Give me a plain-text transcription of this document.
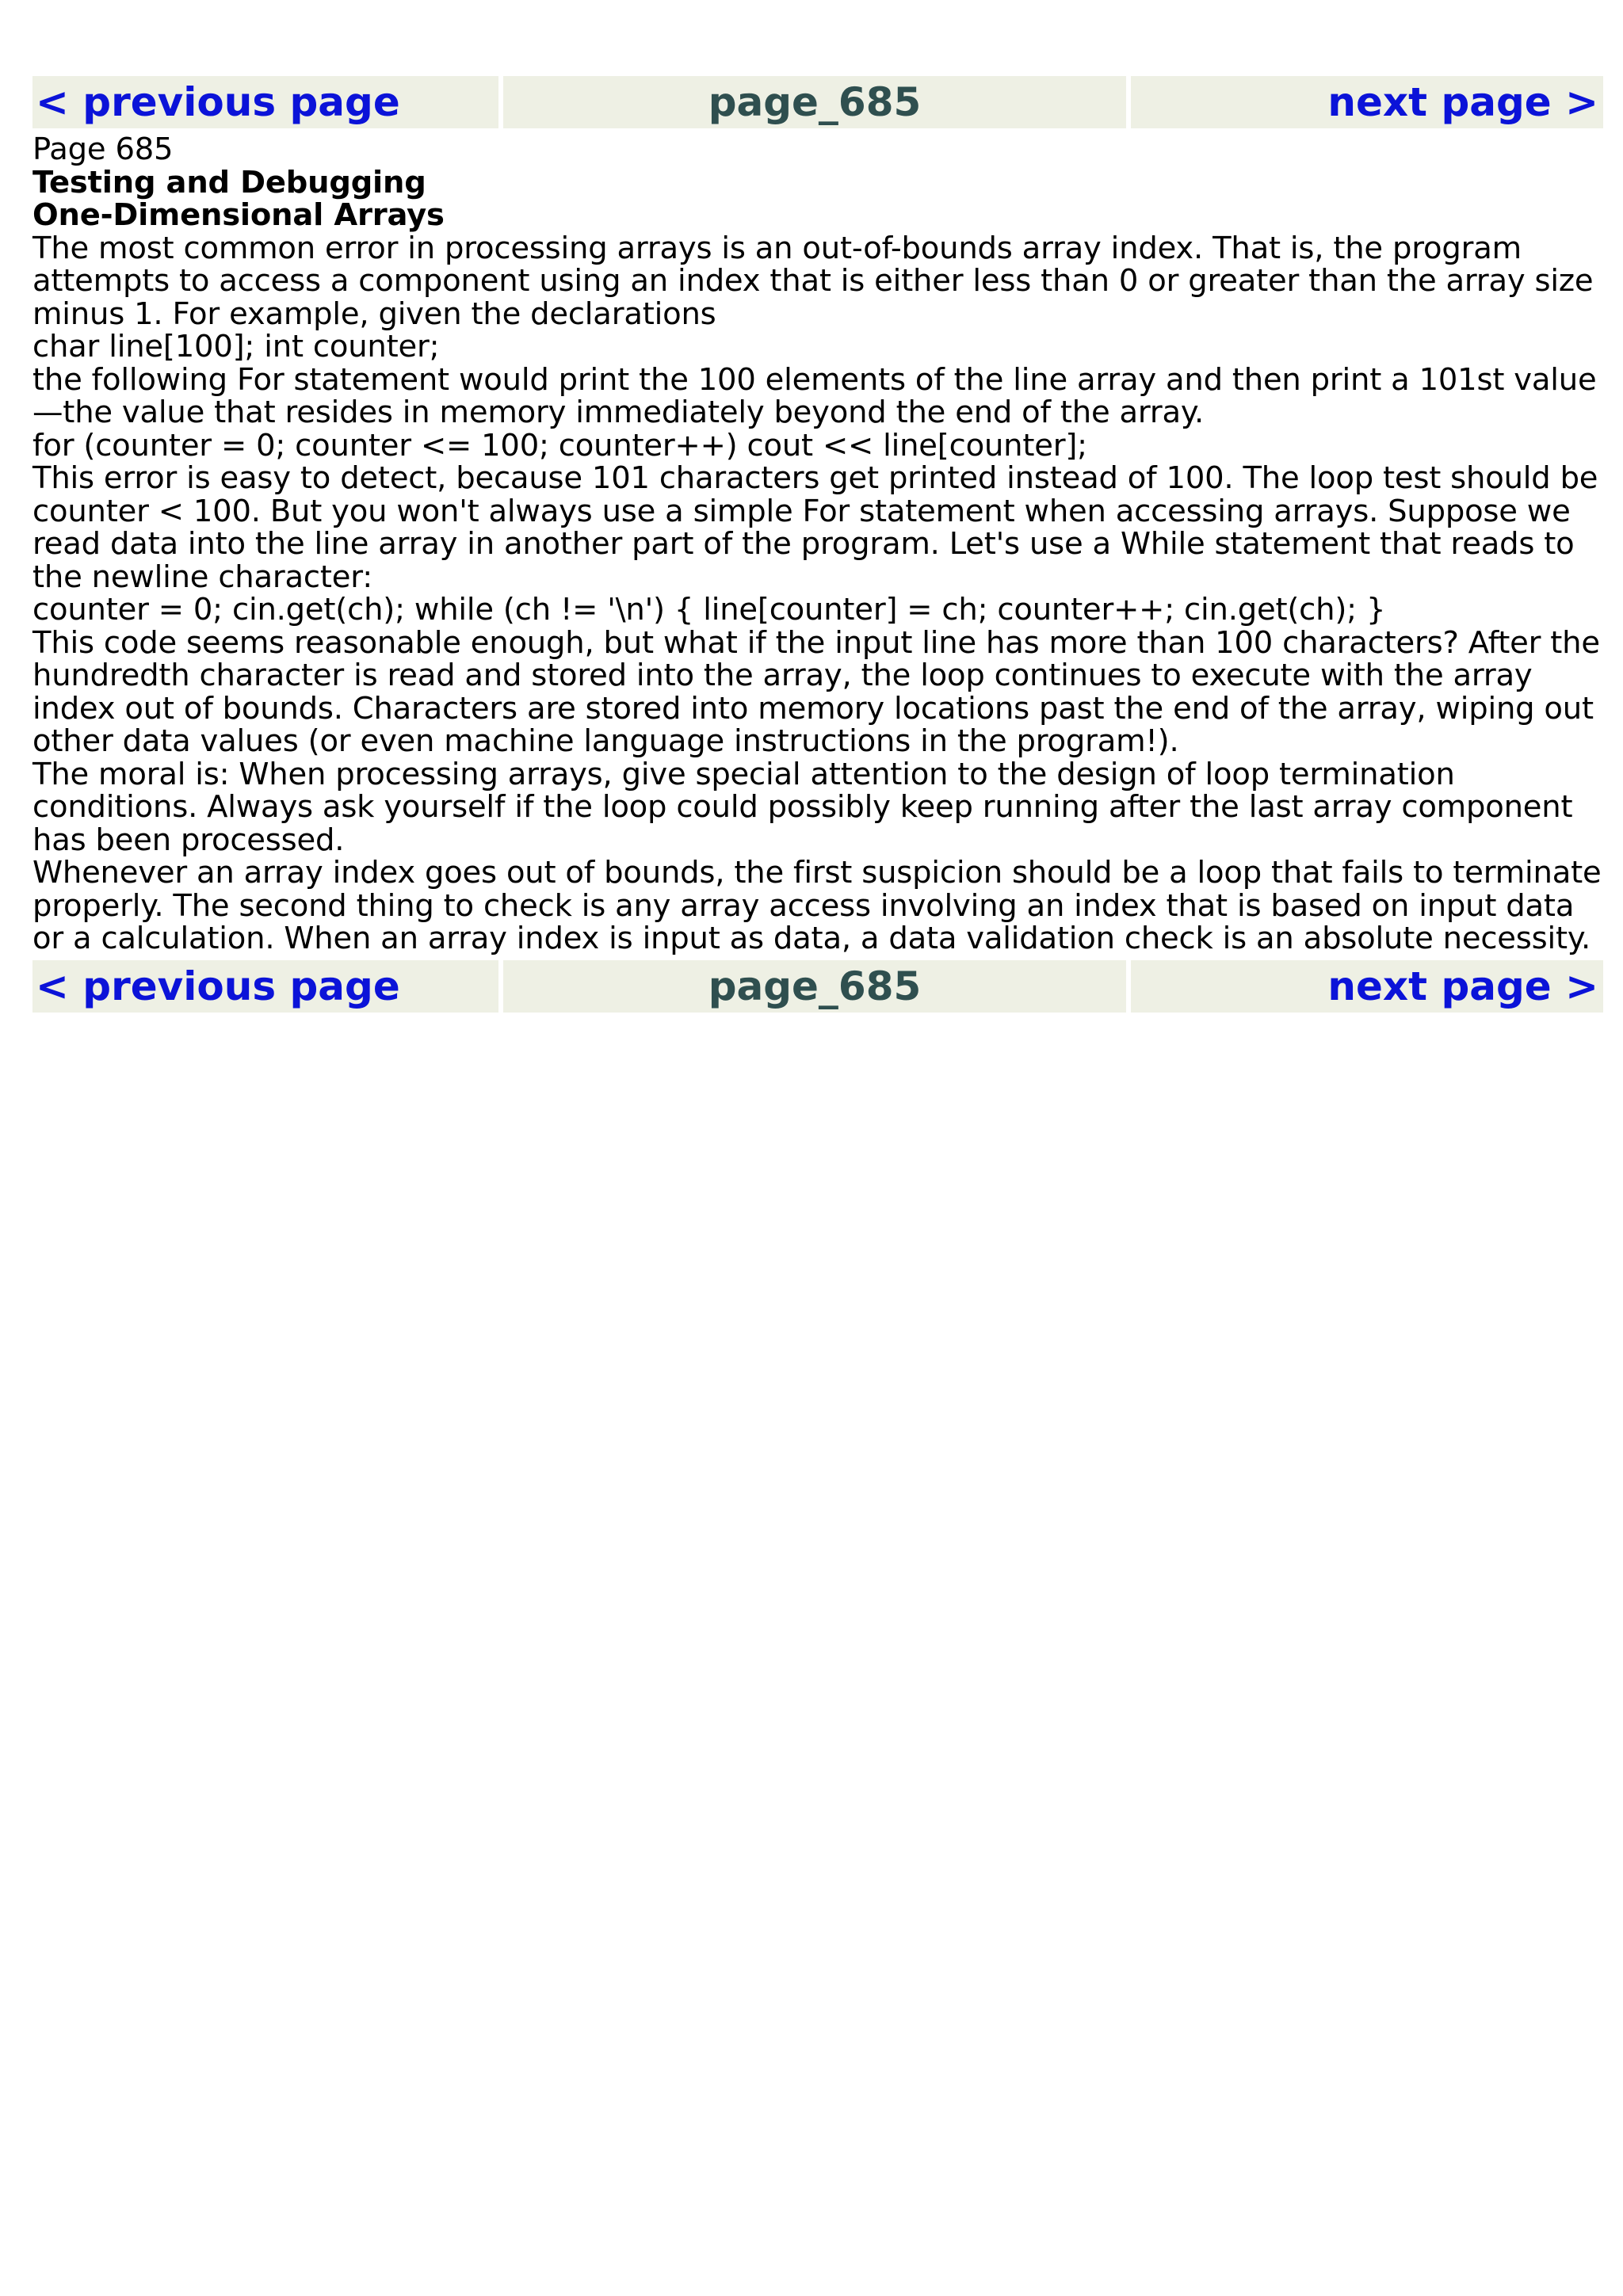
< previous page	page_685	next page >

Page 685

Testing and Debugging

One-Dimensional Arrays

The most common error in processing arrays is an out-of-bounds array index. That is, the program attempts to access a component using an index that is either less than 0 or greater than the array size minus 1. For example, given the declarations

char line[100]; int counter;

the following For statement would print the 100 elements of the line array and then print a 101st value—the value that resides in memory immediately beyond the end of the array.

for (counter = 0; counter <= 100; counter++) cout << line[counter];

This error is easy to detect, because 101 characters get printed instead of 100. The loop test should be counter < 100. But you won't always use a simple For statement when accessing arrays. Suppose we read data into the line array in another part of the program. Let's use a While statement that reads to the newline character:

counter = 0; cin.get(ch); while (ch != '\n') { line[counter] = ch; counter++; cin.get(ch); }

This code seems reasonable enough, but what if the input line has more than 100 characters? After the hundredth character is read and stored into the array, the loop continues to execute with the array index out of bounds. Characters are stored into memory locations past the end of the array, wiping out other data values (or even machine language instructions in the program!).

The moral is: When processing arrays, give special attention to the design of loop termination conditions. Always ask yourself if the loop could possibly keep running after the last array component has been processed.

Whenever an array index goes out of bounds, the first suspicion should be a loop that fails to terminate properly. The second thing to check is any array access involving an index that is based on input data or a calculation. When an array index is input as data, a data validation check is an absolute necessity.

< previous page	page_685	next page >
